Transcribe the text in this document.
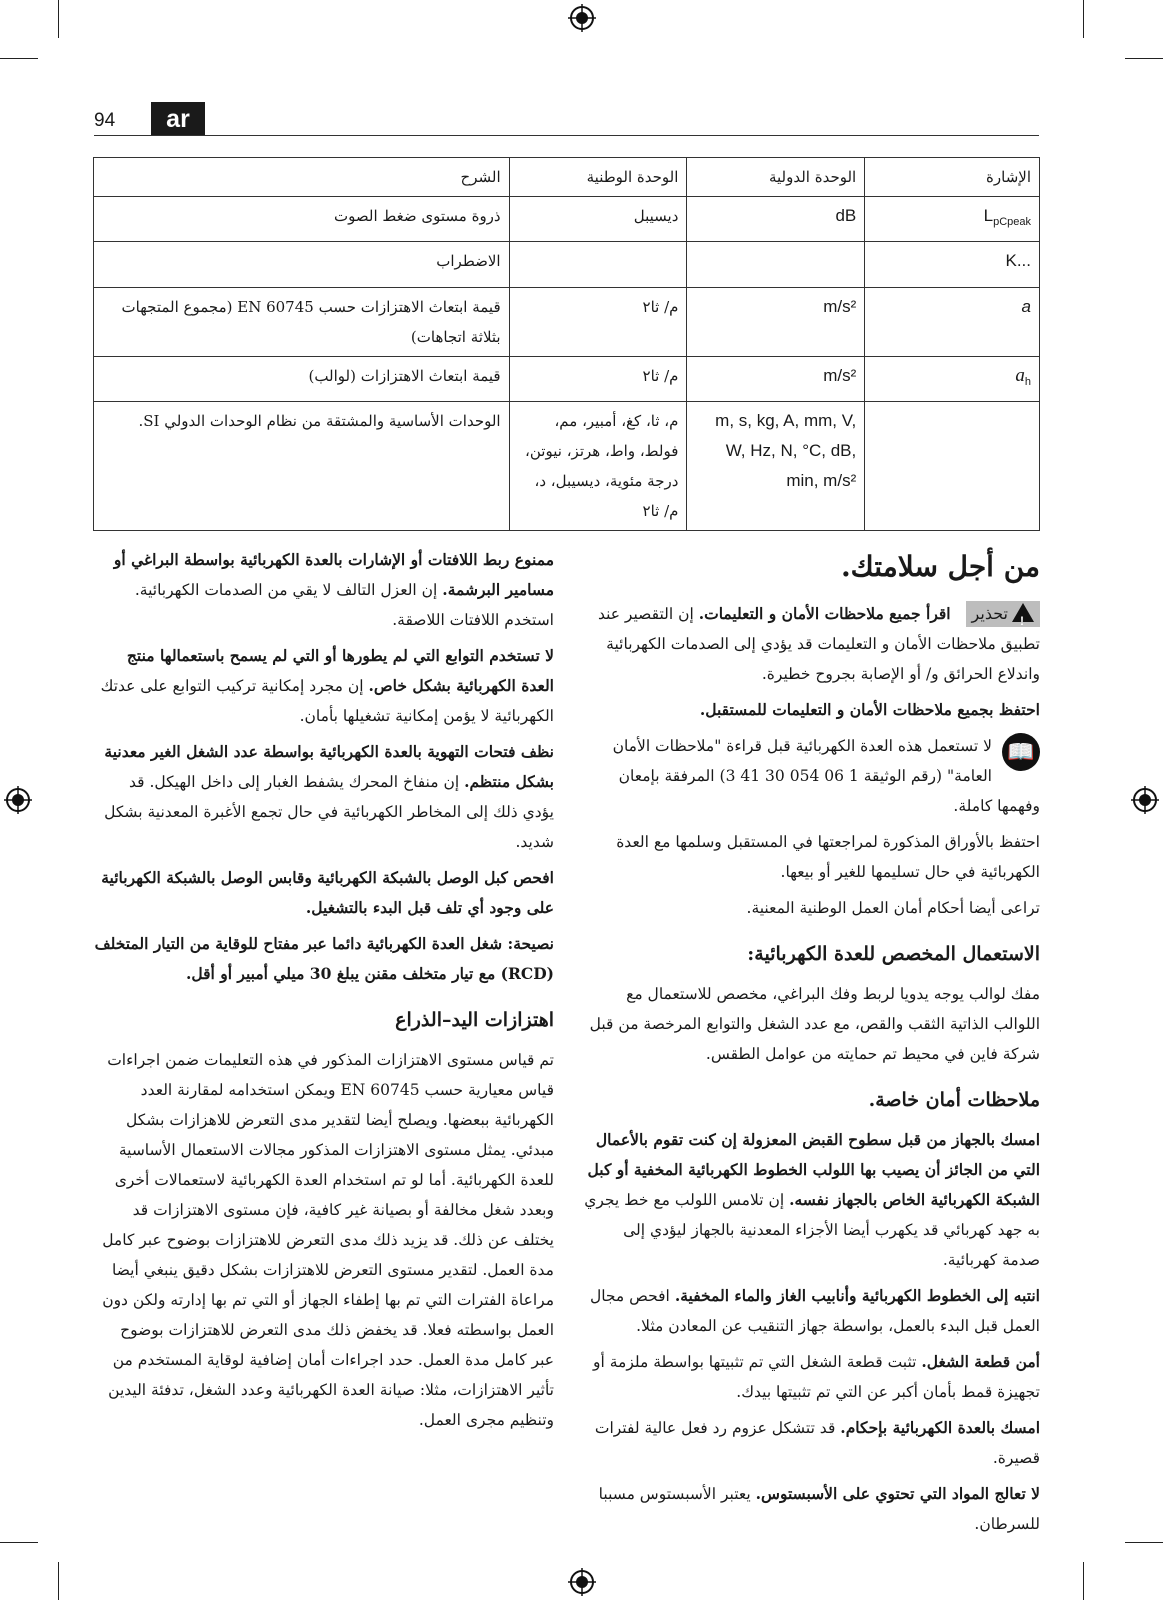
94	ar
الإشارة	الوحدة الدولية	الوحدة الوطنية	الشرح
$L_{pCpeak}$	dB	ديسيبل	ذروة مستوى ضغط الصوت
K...			الاضطراب
a	m/s²	م/ ثا٢	قيمة ابتعاث الاهتزازات حسب EN 60745 (مجموع المتجهات بثلاثة اتجاهات)
$a_h$	m/s²	م/ ثا٢	قيمة ابتعاث الاهتزازات (لوالب)
	m, s, kg, A, mm, V, W, Hz, N, °C, dB, min, m/s²	م، ثا، كغ، أمبير، مم، فولط، واط، هرتز، نيوتن، درجة مئوية، ديسيبل، د، م/ ثا٢	الوحدات الأساسية والمشتقة من نظام الوحدات الدولي SI.
من أجل سلامتك.

!
تحذير اقرأ جميع ملاحظات الأمان و التعليمات. إن التقصير عند تطبيق ملاحظات الأمان و التعليمات قد يؤدي إلى الصدمات الكهربائية واندلاع الحرائق و/ أو الإصابة بجروح خطيرة.

احتفظ بجميع ملاحظات الأمان و التعليمات للمستقبل.

📖
لا تستعمل هذه العدة الكهربائية قبل قراءة "ملاحظات الأمان العامة" (رقم الوثيقة 1 06 054 30 41 3) المرفقة بإمعان وفهمها كاملة.

احتفظ بالأوراق المذكورة لمراجعتها في المستقبل وسلمها مع العدة الكهربائية في حال تسليمها للغير أو بيعها.

تراعى أيضا أحكام أمان العمل الوطنية المعنية.

الاستعمال المخصص للعدة الكهربائية:

مفك لوالب يوجه يدويا لربط وفك البراغي، مخصص للاستعمال مع اللوالب الذاتية الثقب والقص، مع عدد الشغل والتوابع المرخصة من قبل شركة فاين في محيط تم حمايته من عوامل الطقس.

ملاحظات أمان خاصة.

امسك بالجهاز من قبل سطوح القبض المعزولة إن كنت تقوم بالأعمال التي من الجائز أن يصيب بها اللولب الخطوط الكهربائية المخفية أو كبل الشبكة الكهربائية الخاص بالجهاز نفسه. إن تلامس اللولب مع خط يجري به جهد كهربائي قد يكهرب أيضا الأجزاء المعدنية بالجهاز ليؤدي إلى صدمة كهربائية.

انتبه إلى الخطوط الكهربائية وأنابيب الغاز والماء المخفية. افحص مجال العمل قبل البدء بالعمل، بواسطة جهاز التنقيب عن المعادن مثلا.

أمن قطعة الشغل. تثبت قطعة الشغل التي تم تثبيتها بواسطة ملزمة أو تجهيزة قمط بأمان أكبر عن التي تم تثبيتها بيدك.

امسك بالعدة الكهربائية بإحكام. قد تتشكل عزوم رد فعل عالية لفترات قصيرة.

لا تعالج المواد التي تحتوي على الأسبستوس. يعتبر الأسبستوس مسببا للسرطان.

ممنوع ربط اللافتات أو الإشارات بالعدة الكهربائية بواسطة البراغي أو مسامير البرشمة. إن العزل التالف لا يقي من الصدمات الكهربائية. استخدم اللافتات اللاصقة.

لا تستخدم التوابع التي لم يطورها أو التي لم يسمح باستعمالها منتج العدة الكهربائية بشكل خاص. إن مجرد إمكانية تركيب التوابع على عدتك الكهربائية لا يؤمن إمكانية تشغيلها بأمان.

نظف فتحات التهوية بالعدة الكهربائية بواسطة عدد الشغل الغير معدنية بشكل منتظم. إن منفاخ المحرك يشفط الغبار إلى داخل الهيكل. قد يؤدي ذلك إلى المخاطر الكهربائية في حال تجمع الأغبرة المعدنية بشكل شديد.

افحص كبل الوصل بالشبكة الكهربائية وقابس الوصل بالشبكة الكهربائية على وجود أي تلف قبل البدء بالتشغيل.

نصيحة: شغل العدة الكهربائية دائما عبر مفتاح للوقاية من التيار المتخلف (RCD) مع تيار متخلف مقنن يبلغ 30 ميلي أمبير أو أقل.

اهتزازات اليد–الذراع

تم قياس مستوى الاهتزازات المذكور في هذه التعليمات ضمن اجراءات قياس معيارية حسب EN 60745 ويمكن استخدامه لمقارنة العدد الكهربائية ببعضها. ويصلح أيضا لتقدير مدى التعرض للاهزازات بشكل مبدئي. يمثل مستوى الاهتزازات المذكور مجالات الاستعمال الأساسية للعدة الكهربائية. أما لو تم استخدام العدة الكهربائية لاستعمالات أخرى وبعدد شغل مخالفة أو بصيانة غير كافية، فإن مستوى الاهتزازات قد يختلف عن ذلك. قد يزيد ذلك مدى التعرض للاهتزازات بوضوح عبر كامل مدة العمل. لتقدير مستوى التعرض للاهتزازات بشكل دقيق ينبغي أيضا مراعاة الفترات التي تم بها إطفاء الجهاز أو التي تم بها إدارته ولكن دون العمل بواسطته فعلا. قد يخفض ذلك مدى التعرض للاهتزازات بوضوح عبر كامل مدة العمل. حدد اجراءات أمان إضافية لوقاية المستخدم من تأثير الاهتزازات، مثلا: صيانة العدة الكهربائية وعدد الشغل، تدفئة اليدين وتنظيم مجرى العمل.
